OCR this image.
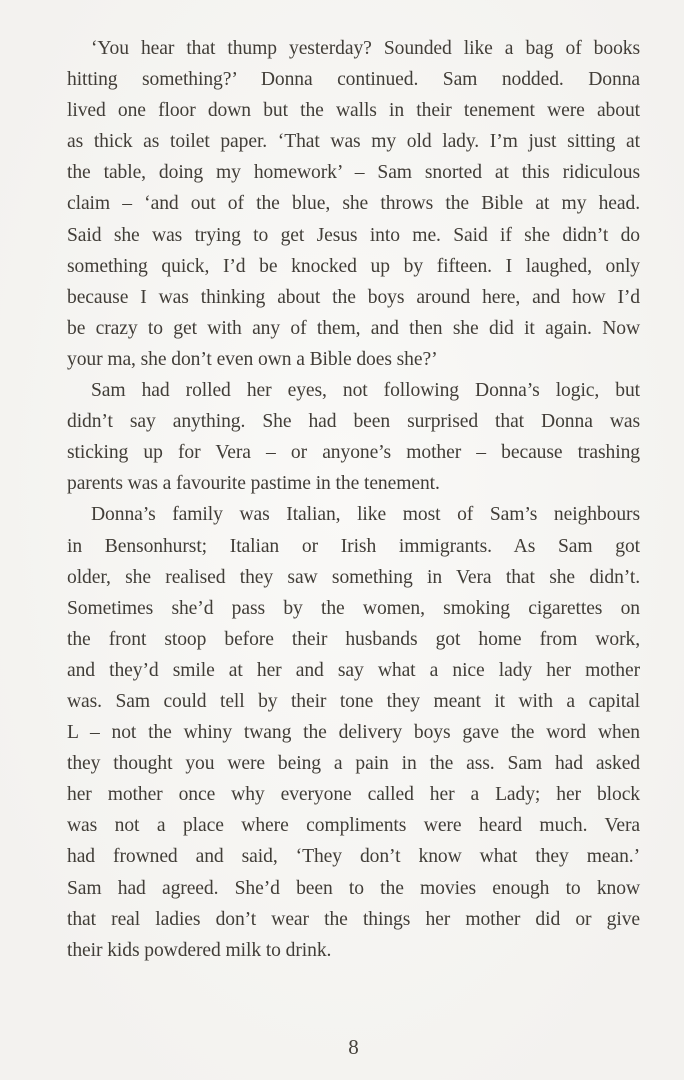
‘You hear that thump yesterday? Sounded like a bag of books
hitting something?’ Donna continued. Sam nodded. Donna
lived one floor down but the walls in their tenement were about
as thick as toilet paper. ‘That was my old lady. I’m just sitting at
the table, doing my homework’ – Sam snorted at this ridiculous
claim – ‘and out of the blue, she throws the Bible at my head.
Said she was trying to get Jesus into me. Said if she didn’t do
something quick, I’d be knocked up by fifteen. I laughed, only
because I was thinking about the boys around here, and how I’d
be crazy to get with any of them, and then she did it again. Now
your ma, she don’t even own a Bible does she?’
Sam had rolled her eyes, not following Donna’s logic, but
didn’t say anything. She had been surprised that Donna was
sticking up for Vera – or anyone’s mother – because trashing
parents was a favourite pastime in the tenement.
Donna’s family was Italian, like most of Sam’s neighbours
in Bensonhurst; Italian or Irish immigrants. As Sam got
older, she realised they saw something in Vera that she didn’t.
Sometimes she’d pass by the women, smoking cigarettes on
the front stoop before their husbands got home from work,
and they’d smile at her and say what a nice lady her mother
was. Sam could tell by their tone they meant it with a capital
L – not the whiny twang the delivery boys gave the word when
they thought you were being a pain in the ass. Sam had asked
her mother once why everyone called her a Lady; her block
was not a place where compliments were heard much. Vera
had frowned and said, ‘They don’t know what they mean.’
Sam had agreed. She’d been to the movies enough to know
that real ladies don’t wear the things her mother did or give
their kids powdered milk to drink.
8
